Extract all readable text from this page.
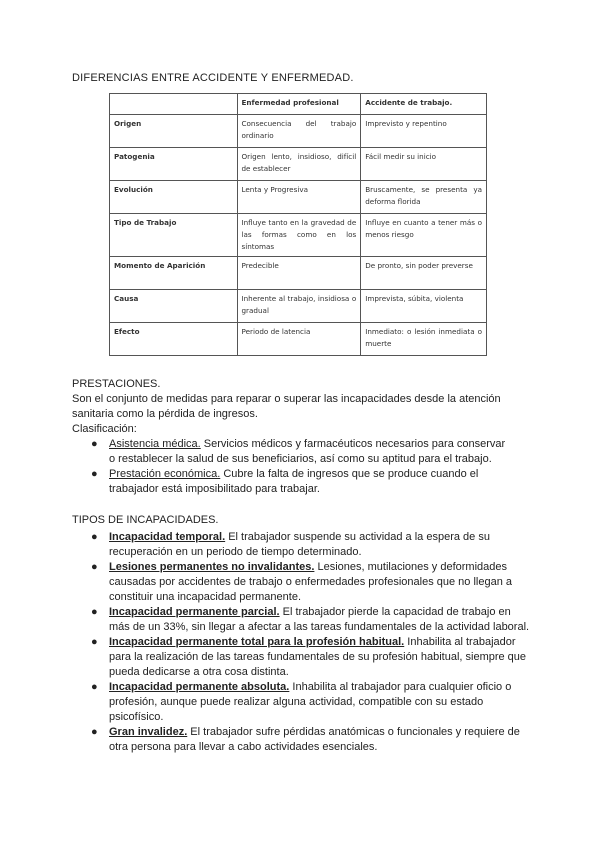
DIFERENCIAS ENTRE ACCIDENTE Y ENFERMEDAD.
	Enfermedad profesional	Accidente de trabajo.
Origen	Consecuencia del trabajo ordinario	Imprevisto y repentino
Patogenia	Origen lento, insidioso, difícil de establecer	Fácil medir su inicio
Evolución	Lenta y Progresiva	Bruscamente, se presenta ya deforma florida
Tipo de Trabajo	Influye tanto en la gravedad de las formas como en los síntomas	Influye en cuanto a tener más o menos riesgo
Momento de Aparición	Predecible	De pronto, sin poder preverse
Causa	Inherente al trabajo, insidiosa o gradual	Imprevista, súbita, violenta
Efecto	Periodo de latencia	Inmediato: o lesión inmediata o muerte
PRESTACIONES.
Son el conjunto de medidas para reparar o superar las incapacidades desde la atención sanitaria como la pérdida de ingresos.
Clasificación:
● Asistencia médica. Servicios médicos y farmacéuticos necesarios para conservar o restablecer la salud de sus beneficiarios, así como su aptitud para el trabajo.
● Prestación económica. Cubre la falta de ingresos que se produce cuando el trabajador está imposibilitado para trabajar.
TIPOS DE INCAPACIDADES.
● Incapacidad temporal. El trabajador suspende su actividad a la espera de su recuperación en un periodo de tiempo determinado.
● Lesiones permanentes no invalidantes. Lesiones, mutilaciones y deformidades causadas por accidentes de trabajo o enfermedades profesionales que no llegan a constituir una incapacidad permanente.
● Incapacidad permanente parcial. El trabajador pierde la capacidad de trabajo en más de un 33%, sin llegar a afectar a las tareas fundamentales de la actividad laboral.
● Incapacidad permanente total para la profesión habitual. Inhabilita al trabajador para la realización de las tareas fundamentales de su profesión habitual, siempre que pueda dedicarse a otra cosa distinta.
● Incapacidad permanente absoluta. Inhabilita al trabajador para cualquier oficio o profesión, aunque puede realizar alguna actividad, compatible con su estado psicofísico.
● Gran invalidez. El trabajador sufre pérdidas anatómicas o funcionales y requiere de otra persona para llevar a cabo actividades esenciales.
